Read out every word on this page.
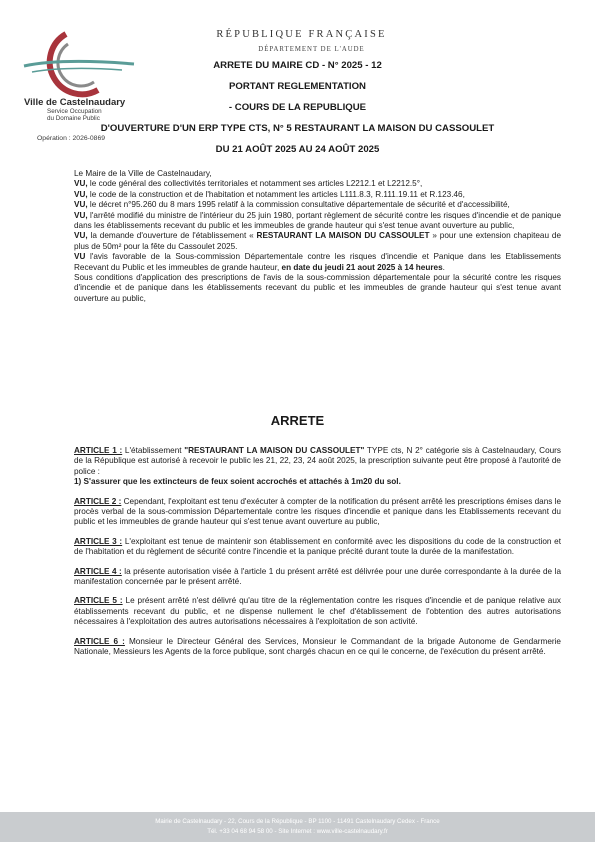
Ville de Castelnaudary
Service Occupation
du Domaine Public
Opération : 2026-0869
RÉPUBLIQUE FRANÇAISE
DÉPARTEMENT DE L'AUDE
ARRETE DU MAIRE CD - N° 2025 - 12
PORTANT REGLEMENTATION
- COURS DE LA REPUBLIQUE
D'OUVERTURE D'UN ERP TYPE CTS, N° 5 RESTAURANT LA MAISON DU CASSOULET
DU 21 AOÛT 2025 AU 24 AOÛT 2025

Le Maire de la Ville de Castelnaudary,

VU, le code général des collectivités territoriales et notamment ses articles L2212.1 et L2212.5°,

VU, le code de la construction et de l'habitation et notamment les articles L111.8.3, R.111.19.11 et R.123.46,

VU, le décret n°95.260 du 8 mars 1995 relatif à la commission consultative départementale de sécurité et d'accessibilité,

VU, l'arrêté modifié du ministre de l'intérieur du 25 juin 1980, portant règlement de sécurité contre les risques d'incendie et de panique dans les établissements recevant du public et les immeubles de grande hauteur qui s'est tenue avant ouverture au public,

VU, la demande d'ouverture de l'établissement « RESTAURANT LA MAISON DU CASSOULET » pour une extension chapiteau de plus de 50m² pour la fête du Cassoulet 2025.

VU l'avis favorable de la Sous-commission Départementale contre les risques d'incendie et Panique dans les Etablissements Recevant du Public et les immeubles de grande hauteur, en date du jeudi 21 aout 2025 à 14 heures.

Sous conditions d'application des prescriptions de l'avis de la sous-commission départementale pour la sécurité contre les risques d'incendie et de panique dans les établissements recevant du public et les immeubles de grande hauteur qui s'est tenue avant ouverture au public,

ARRETE

ARTICLE 1 : L'établissement "RESTAURANT LA MAISON DU CASSOULET" TYPE cts, N 2° catégorie sis à Castelnaudary, Cours de la République est autorisé à recevoir le public les 21, 22, 23, 24 août 2025, la prescription suivante peut être proposé à l'autorité de police :

1) S'assurer que les extincteurs de feux soient accrochés et attachés à 1m20 du sol.

ARTICLE 2 : Cependant, l'exploitant est tenu d'exécuter à compter de la notification du présent arrêté les prescriptions émises dans le procès verbal de la sous-commission Départementale contre les risques d'incendie et panique dans les Etablissements recevant du public et les immeubles de grande hauteur qui s'est tenue avant ouverture au public,

ARTICLE 3 : L'exploitant est tenue de maintenir son établissement en conformité avec les dispositions du code de la construction et de l'habitation et du règlement de sécurité contre l'incendie et la panique précité durant toute la durée de la manifestation.

ARTICLE 4 : la présente autorisation visée à l'article 1 du présent arrêté est délivrée pour une durée correspondante à la durée de la manifestation concernée par le présent arrêté.

ARTICLE 5 : Le présent arrêté n'est délivré qu'au titre de la réglementation contre les risques d'incendie et de panique relative aux établissements recevant du public, et ne dispense nullement le chef d'établissement de l'obtention des autres autorisations nécessaires à l'exploitation des autres autorisations nécessaires à l'exploitation de son activité.

ARTICLE 6 : Monsieur le Directeur Général des Services, Monsieur le Commandant de la brigade Autonome de Gendarmerie Nationale, Messieurs les Agents de la force publique, sont chargés chacun en ce qui le concerne, de l'exécution du présent arrêté.

Mairie de Castelnaudary - 22, Cours de la République - BP 1100 - 11491 Castelnaudary Cedex - France
Tél. +33 04 68 94 58 00 - Site Internet : www.ville-castelnaudary.fr
